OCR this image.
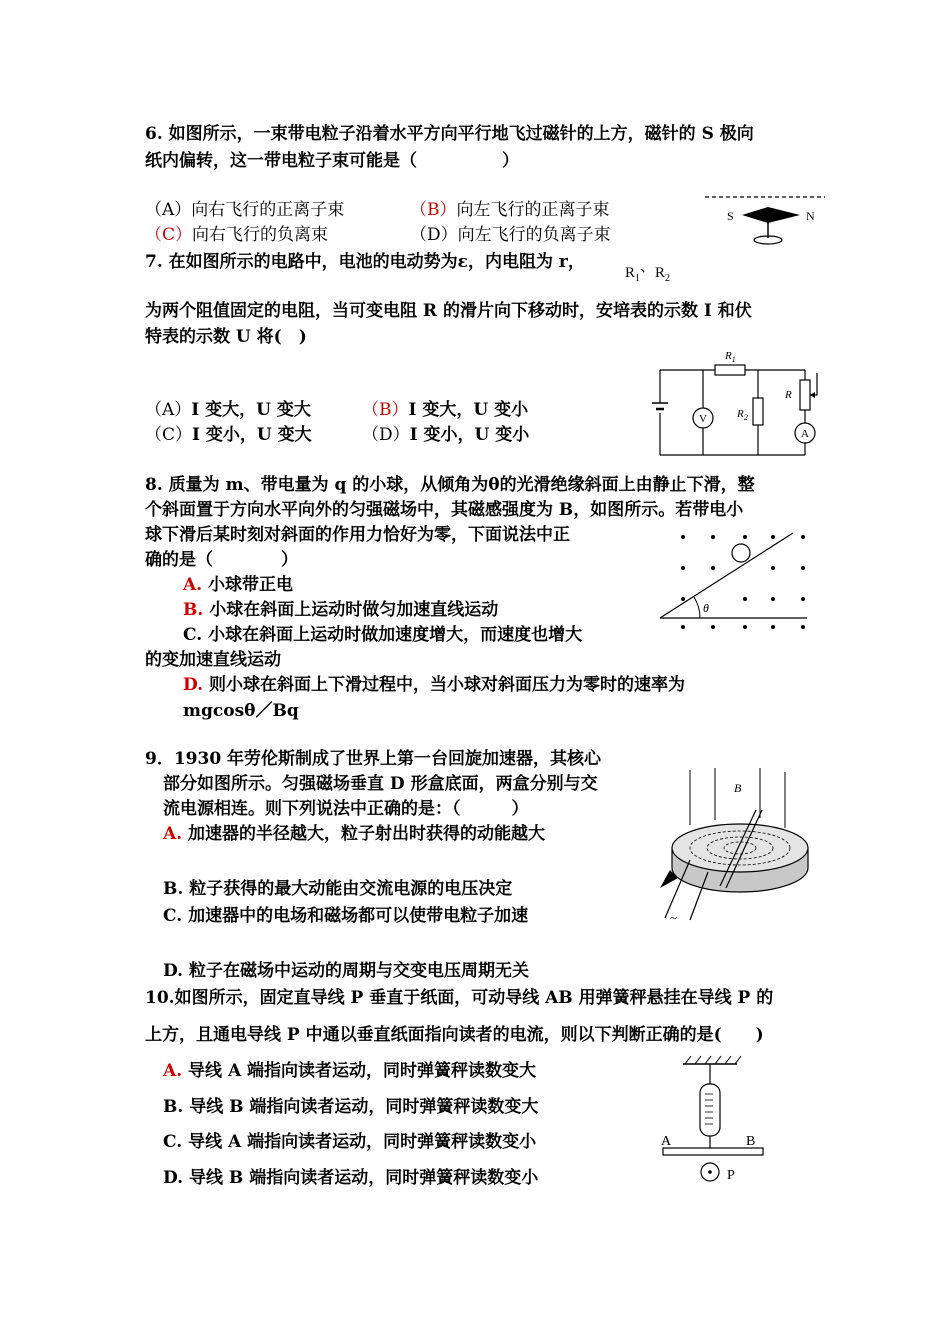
6. 如图所示，一束带电粒子沿着水平方向平行地飞过磁针的上方，磁针的 S 极向
纸内偏转，这一带电粒子束可能是（　　　　　）
（A）向右飞行的正离子束	（B）向左飞行的正离子束
（C）向右飞行的负离束	（D）向左飞行的负离子束
S	N
7. 在如图所示的电路中，电池的电动势为ε，内电阻为 r，
$R_1$、$R_2$
为两个阻值固定的电阻，当可变电阻 R 的滑片向下移动时，安培表的示数 I 和伏
特表的示数 U 将(　)
（A）I 变大，U 变大	（B）I 变大，U 变小
（C）I 变小，U 变大	（D）I 变小，U 变小
$R_1$
V	$R_2$
R
A
8. 质量为 m、带电量为 q 的小球，从倾角为θ的光滑绝缘斜面上由静止下滑，整
个斜面置于方向水平向外的匀强磁场中，其磁感强度为 B，如图所示。若带电小
球下滑后某时刻对斜面的作用力恰好为零，下面说法中正
确的是（　　　　）
A. 小球带正电
B. 小球在斜面上运动时做匀加速直线运动
C. 小球在斜面上运动时做加速度增大，而速度也增大
的变加速直线运动
D. 则小球在斜面上下滑过程中，当小球对斜面压力为零时的速率为
mgcosθ／Bq
θ
9．1930 年劳伦斯制成了世界上第一台回旋加速器，其核心
部分如图所示。匀强磁场垂直 D 形盒底面，两盒分别与交
流电源相连。则下列说法中正确的是：（　　　）
A. 加速器的半径越大，粒子射出时获得的动能越大
B. 粒子获得的最大动能由交流电源的电压决定
C. 加速器中的电场和磁场都可以使带电粒子加速
D. 粒子在磁场中运动的周期与交变电压周期无关
B
~
10.如图所示，固定直导线 P 垂直于纸面，可动导线 AB 用弹簧秤悬挂在导线 P 的
上方，且通电导线 P 中通以垂直纸面指向读者的电流，则以下判断正确的是(　　)
A. 导线 A 端指向读者运动，同时弹簧秤读数变大
B. 导线 B 端指向读者运动，同时弹簧秤读数变大
C. 导线 A 端指向读者运动，同时弹簧秤读数变小
D. 导线 B 端指向读者运动，同时弹簧秤读数变小
A	B
P
